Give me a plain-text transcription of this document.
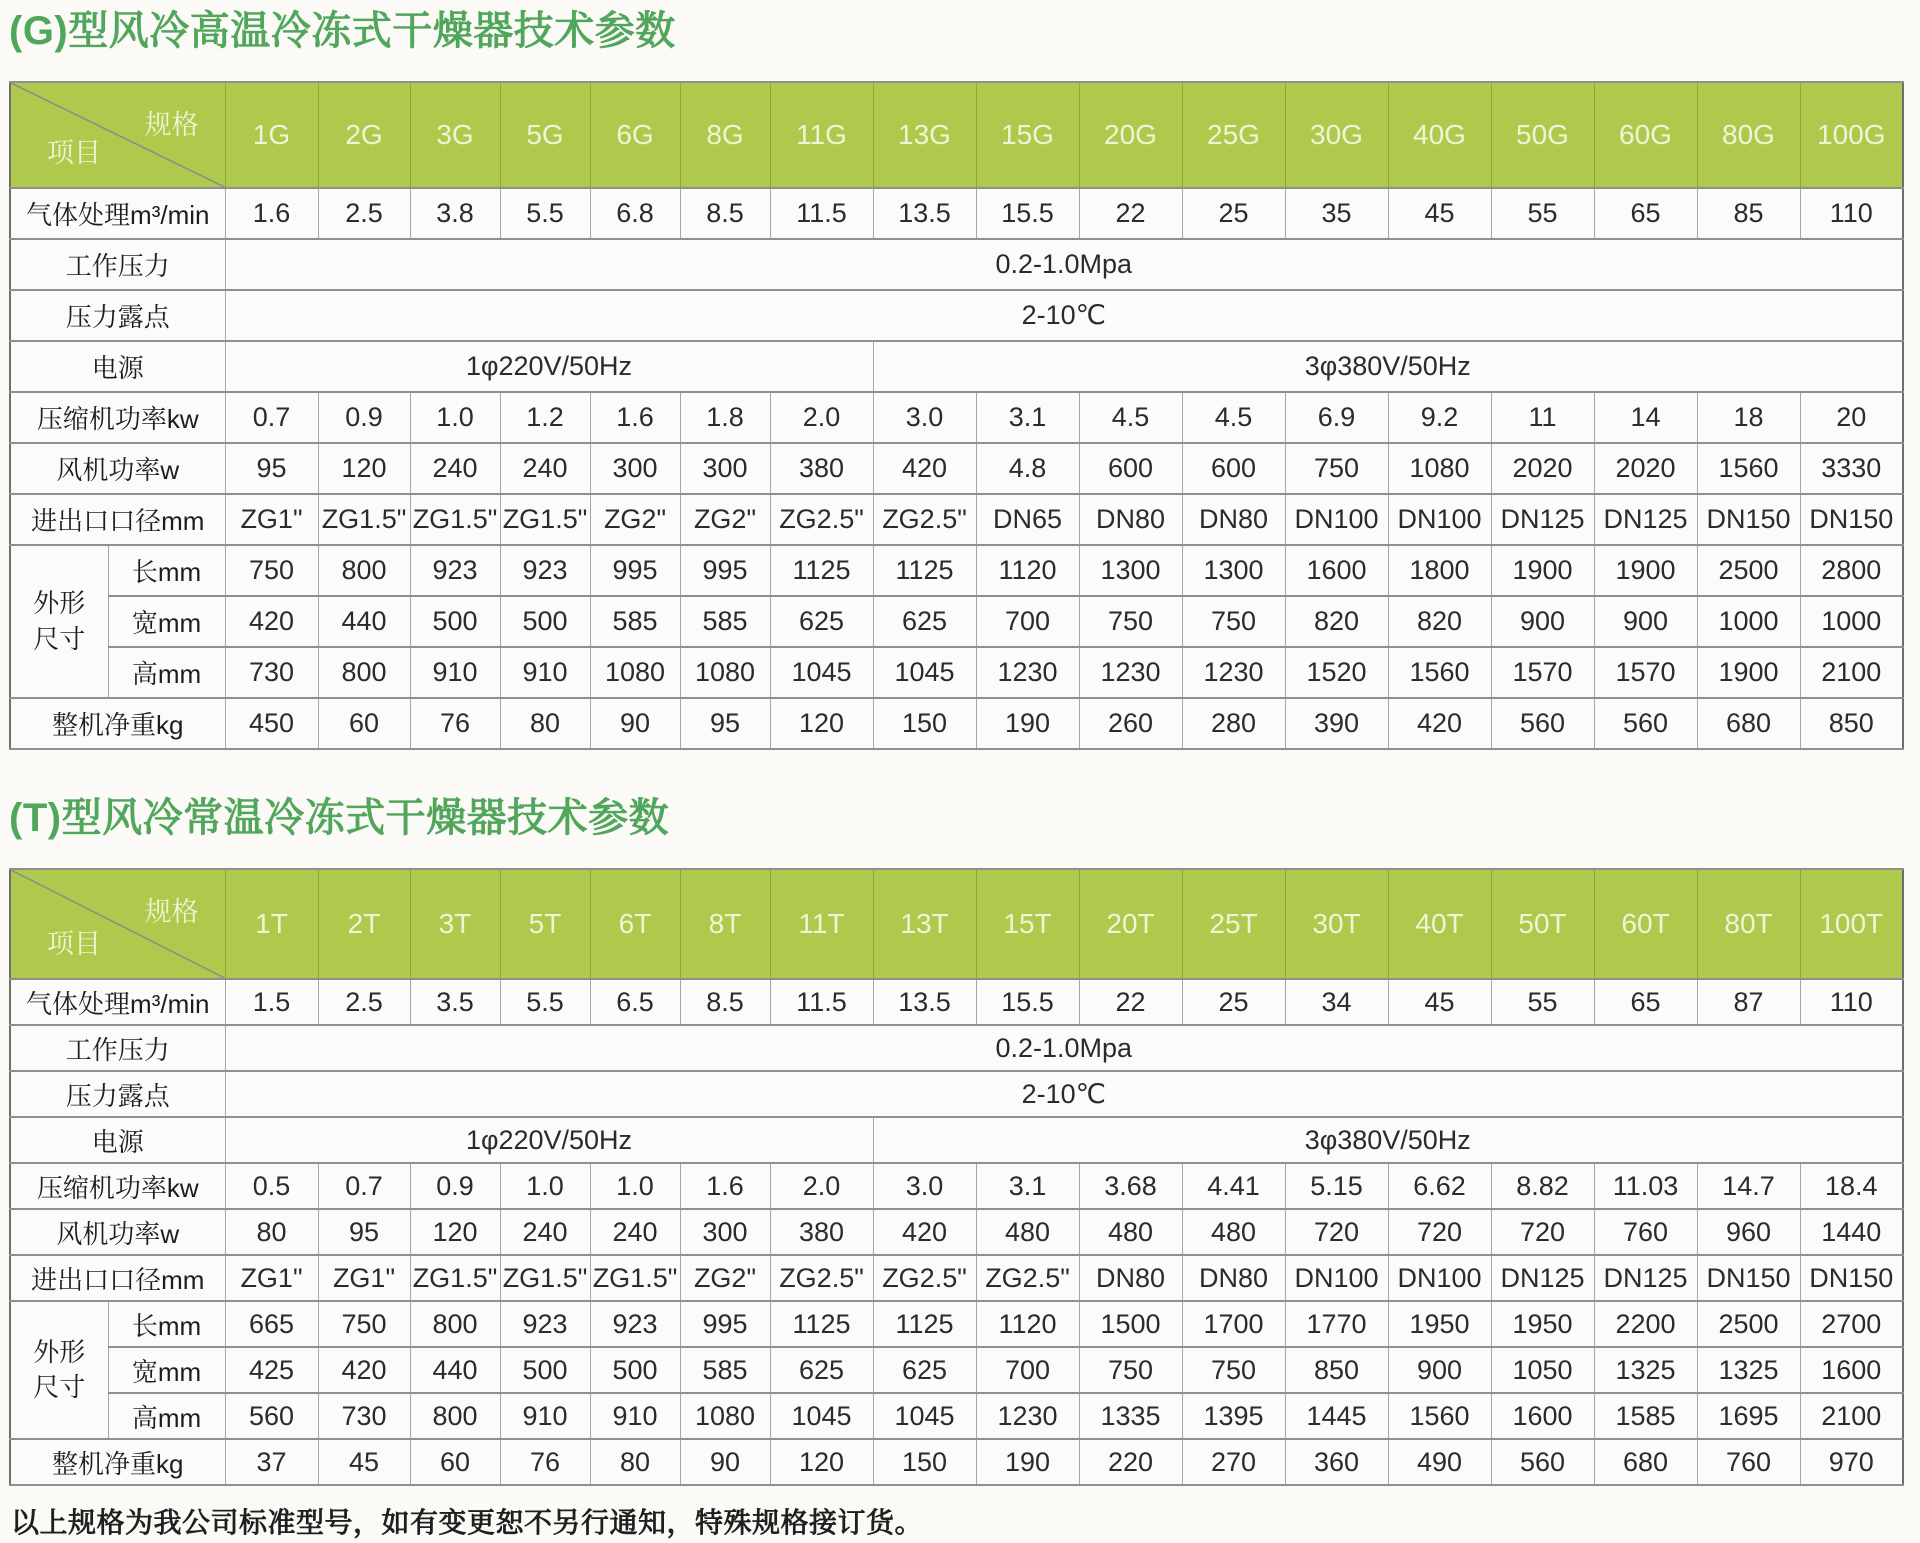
(G)型风冷高温冷冻式干燥器技术参数
规格
项目		1G	2G	3G	5G	6G	8G	11G	13G	15G	20G	25G	30G	40G	50G	60G	80G	100G
气体处理m³/min		1.6	2.5	3.8	5.5	6.8	8.5	11.5	13.5	15.5	22	25	35	45	55	65	85	110
工作压力		0.2-1.0Mpa																
压力露点		2-10℃																
电源		1φ220V/50Hz							3φ380V/50Hz									
压缩机功率kw		0.7	0.9	1.0	1.2	1.6	1.8	2.0	3.0	3.1	4.5	4.5	6.9	9.2	11	14	18	20
风机功率w		95	120	240	240	300	300	380	420	4.8	600	600	750	1080	2020	2020	1560	3330
进出口口径mm		ZG1"	ZG1.5"	ZG1.5"	ZG1.5"	ZG2"	ZG2"	ZG2.5"	ZG2.5"	DN65	DN80	DN80	DN100	DN100	DN125	DN125	DN150	DN150
外形尺寸	长mm	750	800	923	923	995	995	1125	1125	1120	1300	1300	1600	1800	1900	1900	2500	2800
	宽mm	420	440	500	500	585	585	625	625	700	750	750	820	820	900	900	1000	1000
	高mm	730	800	910	910	1080	1080	1045	1045	1230	1230	1230	1520	1560	1570	1570	1900	2100
整机净重kg		450	60	76	80	90	95	120	150	190	260	280	390	420	560	560	680	850
(T)型风冷常温冷冻式干燥器技术参数
规格
项目		1T	2T	3T	5T	6T	8T	11T	13T	15T	20T	25T	30T	40T	50T	60T	80T	100T
气体处理m³/min		1.5	2.5	3.5	5.5	6.5	8.5	11.5	13.5	15.5	22	25	34	45	55	65	87	110
工作压力		0.2-1.0Mpa																
压力露点		2-10℃																
电源		1φ220V/50Hz							3φ380V/50Hz									
压缩机功率kw		0.5	0.7	0.9	1.0	1.0	1.6	2.0	3.0	3.1	3.68	4.41	5.15	6.62	8.82	11.03	14.7	18.4
风机功率w		80	95	120	240	240	300	380	420	480	480	480	720	720	720	760	960	1440
进出口口径mm		ZG1"	ZG1"	ZG1.5"	ZG1.5"	ZG1.5"	ZG2"	ZG2.5"	ZG2.5"	ZG2.5"	DN80	DN80	DN100	DN100	DN125	DN125	DN150	DN150
外形尺寸	长mm	665	750	800	923	923	995	1125	1125	1120	1500	1700	1770	1950	1950	2200	2500	2700
	宽mm	425	420	440	500	500	585	625	625	700	750	750	850	900	1050	1325	1325	1600
	高mm	560	730	800	910	910	1080	1045	1045	1230	1335	1395	1445	1560	1600	1585	1695	2100
整机净重kg		37	45	60	76	80	90	120	150	190	220	270	360	490	560	680	760	970

以上规格为我公司标准型号，如有变更恕不另行通知，特殊规格接订货。
